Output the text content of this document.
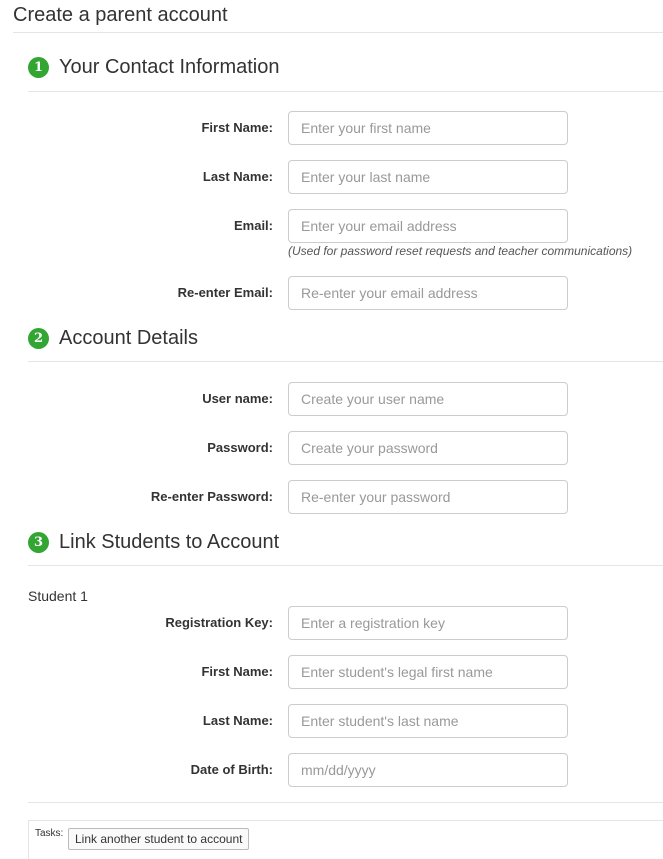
Create a parent account
1 Your Contact Information
First Name:
Enter your first name
Last Name:
Enter your last name
Email:
Enter your email address
(Used for password reset requests and teacher communications)
Re-enter Email:
Re-enter your email address
2 Account Details
User name:
Create your user name
Password:
Re-enter Password:
3 Link Students to Account
Student 1
Registration Key:
Enter a registration key
First Name:
Enter student's legal first name
Last Name:
Enter student's last name
Date of Birth:
mm/dd/yyyy
Tasks: Link another student to account
